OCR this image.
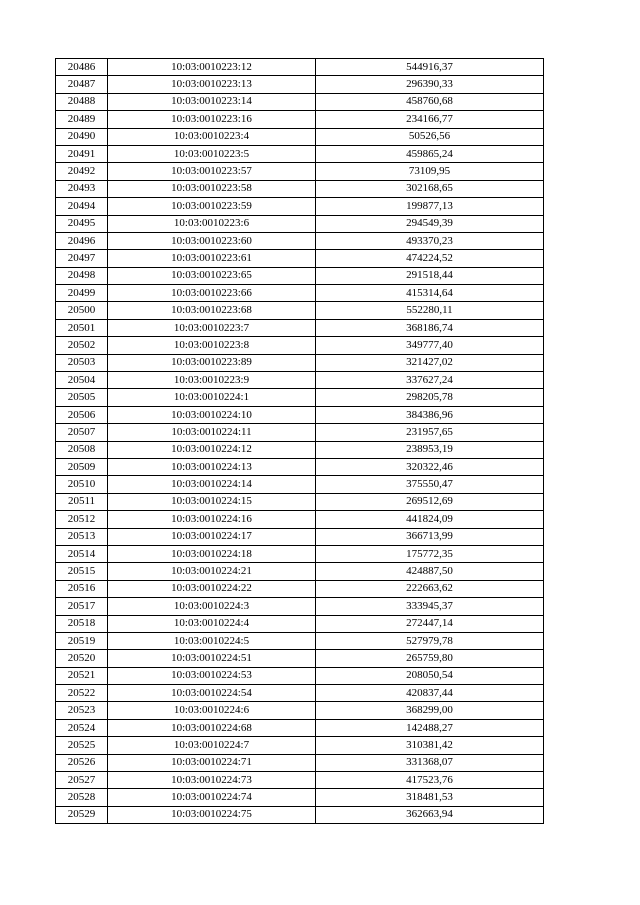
20486	10:03:0010223:12	544916,37
20487	10:03:0010223:13	296390,33
20488	10:03:0010223:14	458760,68
20489	10:03:0010223:16	234166,77
20490	10:03:0010223:4	50526,56
20491	10:03:0010223:5	459865,24
20492	10:03:0010223:57	73109,95
20493	10:03:0010223:58	302168,65
20494	10:03:0010223:59	199877,13
20495	10:03:0010223:6	294549,39
20496	10:03:0010223:60	493370,23
20497	10:03:0010223:61	474224,52
20498	10:03:0010223:65	291518,44
20499	10:03:0010223:66	415314,64
20500	10:03:0010223:68	552280,11
20501	10:03:0010223:7	368186,74
20502	10:03:0010223:8	349777,40
20503	10:03:0010223:89	321427,02
20504	10:03:0010223:9	337627,24
20505	10:03:0010224:1	298205,78
20506	10:03:0010224:10	384386,96
20507	10:03:0010224:11	231957,65
20508	10:03:0010224:12	238953,19
20509	10:03:0010224:13	320322,46
20510	10:03:0010224:14	375550,47
20511	10:03:0010224:15	269512,69
20512	10:03:0010224:16	441824,09
20513	10:03:0010224:17	366713,99
20514	10:03:0010224:18	175772,35
20515	10:03:0010224:21	424887,50
20516	10:03:0010224:22	222663,62
20517	10:03:0010224:3	333945,37
20518	10:03:0010224:4	272447,14
20519	10:03:0010224:5	527979,78
20520	10:03:0010224:51	265759,80
20521	10:03:0010224:53	208050,54
20522	10:03:0010224:54	420837,44
20523	10:03:0010224:6	368299,00
20524	10:03:0010224:68	142488,27
20525	10:03:0010224:7	310381,42
20526	10:03:0010224:71	331368,07
20527	10:03:0010224:73	417523,76
20528	10:03:0010224:74	318481,53
20529	10:03:0010224:75	362663,94
